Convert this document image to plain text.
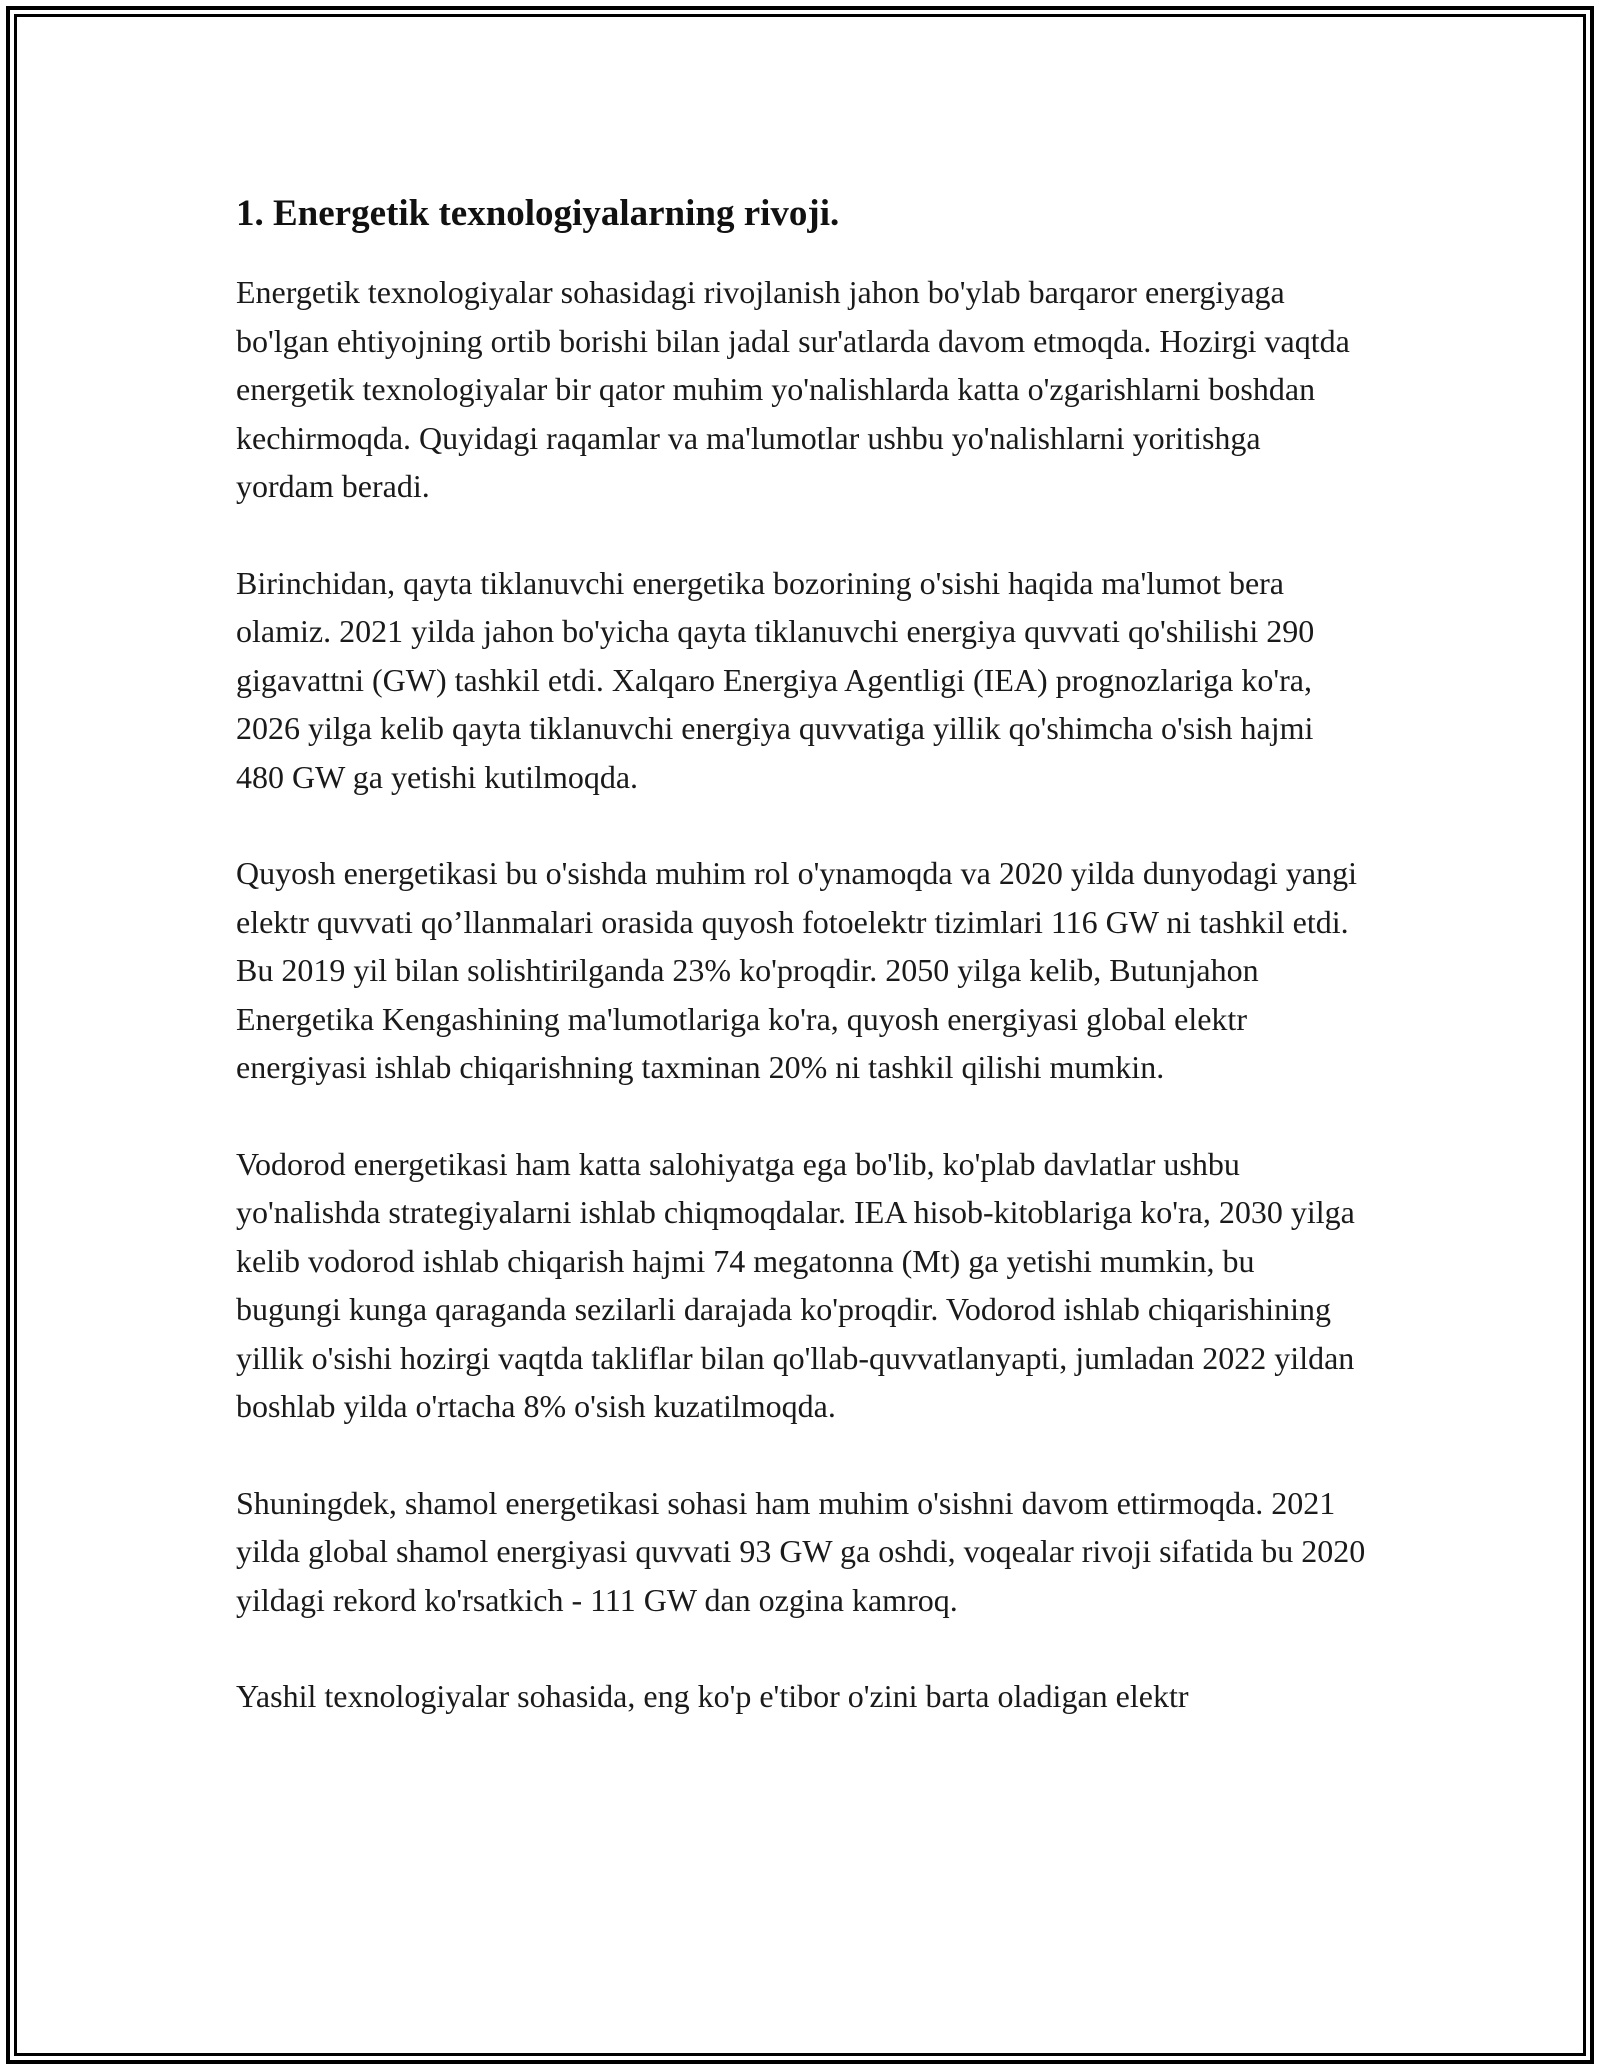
1. Energetik texnologiyalarning rivoji.

Energetik texnologiyalar sohasidagi rivojlanish jahon bo'ylab barqaror energiyaga bo'lgan ehtiyojning ortib borishi bilan jadal sur'atlarda davom etmoqda. Hozirgi vaqtda energetik texnologiyalar bir qator muhim yo'nalishlarda katta o'zgarishlarni boshdan kechirmoqda. Quyidagi raqamlar va ma'lumotlar ushbu yo'nalishlarni yoritishga yordam beradi.

Birinchidan, qayta tiklanuvchi energetika bozorining o'sishi haqida ma'lumot bera olamiz. 2021 yilda jahon bo'yicha qayta tiklanuvchi energiya quvvati qo'shilishi 290 gigavattni (GW) tashkil etdi. Xalqaro Energiya Agentligi (IEA) prognozlariga ko'ra, 2026 yilga kelib qayta tiklanuvchi energiya quvvatiga yillik qo'shimcha o'sish hajmi 480 GW ga yetishi kutilmoqda.

Quyosh energetikasi bu o'sishda muhim rol o'ynamoqda va 2020 yilda dunyodagi yangi elektr quvvati qo’llanmalari orasida quyosh fotoelektr tizimlari 116 GW ni tashkil etdi. Bu 2019 yil bilan solishtirilganda 23% ko'proqdir. 2050 yilga kelib, Butunjahon Energetika Kengashining ma'lumotlariga ko'ra, quyosh energiyasi global elektr energiyasi ishlab chiqarishning taxminan 20% ni tashkil qilishi mumkin.

Vodorod energetikasi ham katta salohiyatga ega bo'lib, ko'plab davlatlar ushbu yo'nalishda strategiyalarni ishlab chiqmoqdalar. IEA hisob-kitoblariga ko'ra, 2030 yilga kelib vodorod ishlab chiqarish hajmi 74 megatonna (Mt) ga yetishi mumkin, bu bugungi kunga qaraganda sezilarli darajada ko'proqdir. Vodorod ishlab chiqarishining yillik o'sishi hozirgi vaqtda takliflar bilan qo'llab-quvvatlanyapti, jumladan 2022 yildan boshlab yilda o'rtacha 8% o'sish kuzatilmoqda.

Shuningdek, shamol energetikasi sohasi ham muhim o'sishni davom ettirmoqda. 2021 yilda global shamol energiyasi quvvati 93 GW ga oshdi, voqealar rivoji sifatida bu 2020 yildagi rekord ko'rsatkich - 111 GW dan ozgina kamroq.

Yashil texnologiyalar sohasida, eng ko'p e'tibor o'zini barta oladigan elektr
